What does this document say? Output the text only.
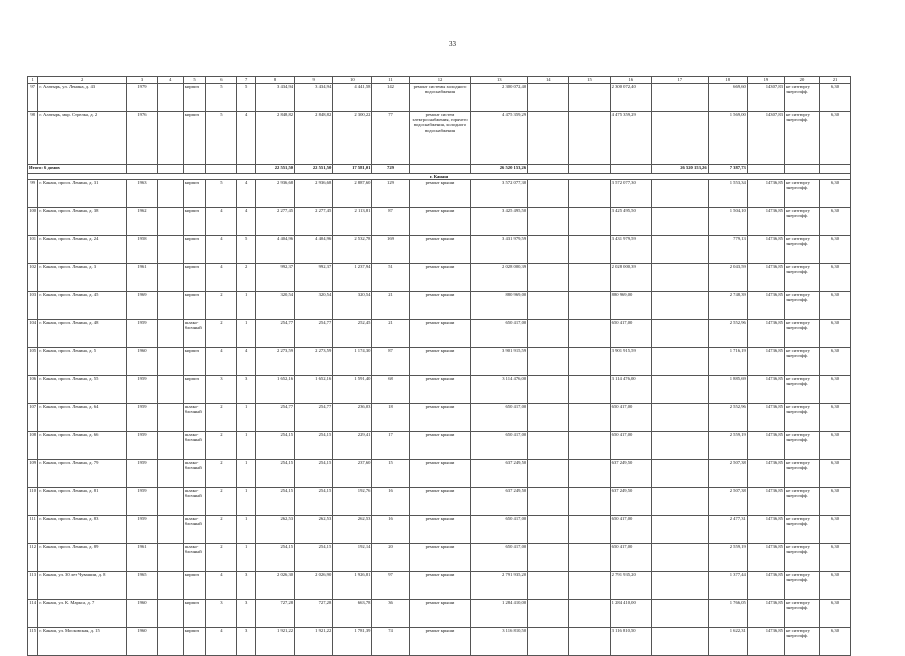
33
1	2	3	4	5	6	7	8	9	10	11	12	13	14	15	16	17	18	19	20	21
97	г. Алатырь, ул. Ленина, д. 43	1979		кирпич	5	5	3 434,94	3 434,94	4 441,58	142	ремонт системы холодного водоснабжения	2 300 072,40			2 300 072,40		669,60	14307,83	не ситгюргу энергоэфф.	6,30
98	г. Алатырь, мкр. Стрелка, д. 2	1976		кирпич	5	4	2 848,82	2 848,82	2 300,22	77	ремонт систем электроснабжения, горячего водоснабжения, холодного водоснабжения	4 475 359,29			4 475 359,29		1 569,00	14307,83	не ситгюргу энергоэфф.	6,30
Итого: 6 домов							22 551,50	22 551,50	17 581,01	729		26 520 153,26				26 520 153,26	7 387,73			
г. Канаш																				
99	г. Канаш, просп. Ленина, д. 31	1963		кирпич	5	4	2 936,68	2 936,68	2 887,60	129	ремонт крыши	3 572 077,30			3 572 077,30		1 553,34	14736,85	не ситгюргу энергоэфф.	6,30
100	г. Канаш, просп. Ленина, д. 38	1962		кирпич	4	4	2 277,45	2 277,45	2 113,81	87	ремонт крыши	3 425 495,50			3 425 495,50		1 504,10	14736,85	не ситгюргу энергоэфф.	6,30
101	г. Канаш, просп. Ленина, д. 24	1958		кирпич	4	5	4 404,96	4 404,96	2 532,78	169	ремонт крыши	3 431 979,59			3 431 979,59		779,13	14736,85	не ситгюргу энергоэфф.	6,30
102	г. Канаш, просп. Ленина, д. 3	1961		кирпич	4	2	992,37	992,37	1 237,94	51	ремонт крыши	2 028 000,39			2 028 000,39		2 043,59	14736,85	не ситгюргу энергоэфф.	6,30
103	г. Канаш, просп. Ленина, д. 45	1969		кирпич	2	1	320,54	320,54	320,54	21	ремонт крыши	880 969,00			880 969,00		2 748,39	14736,85	не ситгюргу энергоэфф.	6,30
104	г. Канаш, просп. Ленина, д. 48	1959		шлако-блочный	2	1	254,77	254,77	252,45	21	ремонт крыши	650 417,00			650 417,00		2 552,96	14736,85	не ситгюргу энергоэфф.	6,30
105	г. Канаш, просп. Ленина, д. 5	1960		кирпич	4	4	2 273,59	2 273,59	1 174,30	87	ремонт крыши	3 901 915,59			3 901 915,59		1 716,19	14736,85	не ситгюргу энергоэфф.	6,30
106	г. Канаш, просп. Ленина, д. 55	1959		кирпич	3	3	1 652,16	1 652,16	1 591,40	68	ремонт крыши	3 114 476,00			3 114 476,00		1 885,69	14736,85	не ситгюргу энергоэфф.	6,30
107	г. Канаш, просп. Ленина, д. 64	1959		шлако-блочный	2	1	254,77	254,77	236,03	18	ремонт крыши	650 417,00			650 417,00		2 552,96	14736,85	не ситгюргу энергоэфф.	6,30
108	г. Канаш, просп. Ленина, д. 66	1959		шлако-блочный	2	1	254,15	254,15	229,41	17	ремонт крыши	650 417,00			650 417,00		2 559,19	14736,85	не ситгюргу энергоэфф.	6,30
109	г. Канаш, просп. Ленина, д. 79	1959		шлако-блочный	2	1	254,15	254,15	237,60	15	ремонт крыши	637 249,50			637 249,50		2 507,38	14736,85	не ситгюргу энергоэфф.	6,30
110	г. Канаш, просп. Ленина, д. 81	1959		шлако-блочный	2	1	254,15	254,15	192,76	16	ремонт крыши	637 249,50			637 249,50		2 507,38	14736,85	не ситгюргу энергоэфф.	6,30
111	г. Канаш, просп. Ленина, д. 83	1959		шлако-блочный	2	1	262,53	262,53	262,53	16	ремонт крыши	650 417,00			650 417,00		2 477,31	14736,85	не ситгюргу энергоэфф.	6,30
112	г. Канаш, просп. Ленина, д. 89	1961		шлако-блочный	2	1	254,15	254,15	192,14	20	ремонт крыши	650 417,00			650 417,00		2 559,19	14736,85	не ситгюргу энергоэфф.	6,30
113	г. Канаш, ул. 30 лет Чувашии, д. 8	1965		кирпич	4	3	2 026,30	2 026,90	1 926,81	97	ремонт крыши	2 791 935,20			2 791 935,20		1 377,44	14736,85	не ситгюргу энергоэфф.	6,30
114	г. Канаш, ул. К. Маркса, д. 7	1960		кирпич	3	3	727,28	727,28	663,78	36	ремонт крыши	1 284 410,00			1 284 410,00		1 766,05	14736,85	не ситгюргу энергоэфф.	6,30
115	г. Канаш, ул. Московская, д. 15	1960		кирпич	4	3	1 921,22	1 921,22	1 781,39	74	ремонт крыши	3 116 810,50			3 116 810,50		1 622,31	14736,85	не ситгюргу энергоэфф.	6,30
